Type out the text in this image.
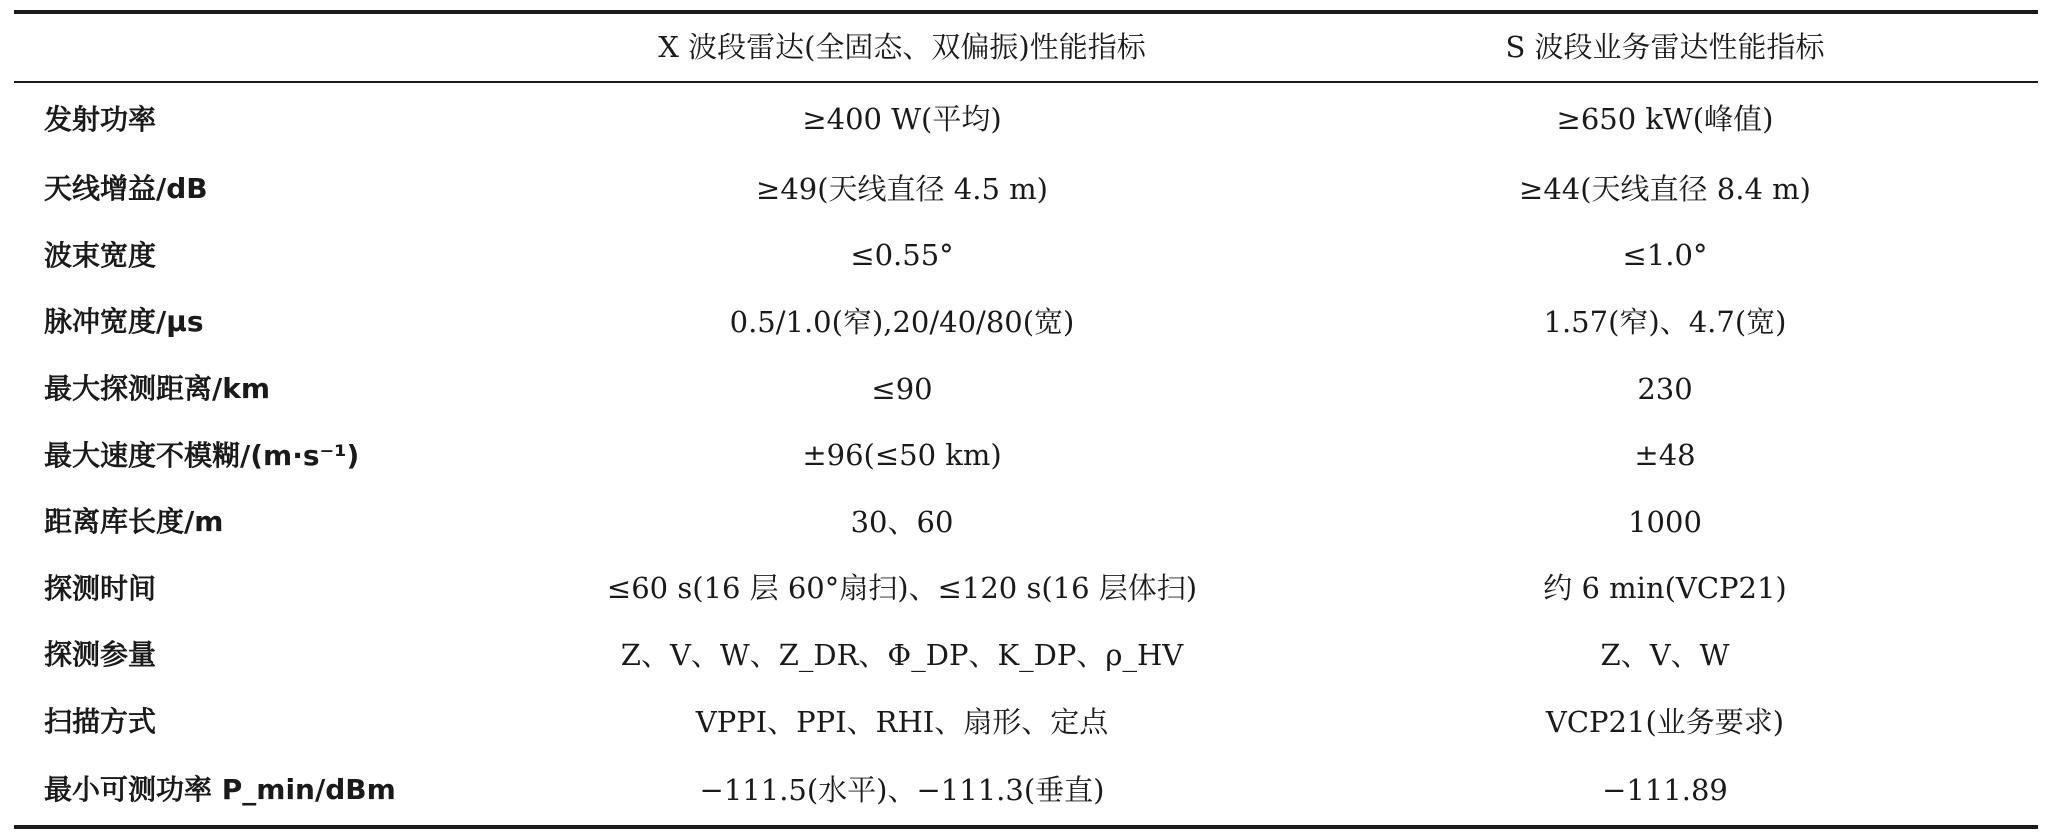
	X 波段雷达(全固态、双偏振)性能指标	S 波段业务雷达性能指标
发射功率	≥400 W(平均)	≥650 kW(峰值)
天线增益/dB	≥49(天线直径 4.5 m)	≥44(天线直径 8.4 m)
波束宽度	≤0.55°	≤1.0°
脉冲宽度/μs	0.5/1.0(窄),20/40/80(宽)	1.57(窄)、4.7(宽)
最大探测距离/km	≤90	230
最大速度不模糊/(m·s⁻¹)	±96(≤50 km)	±48
距离库长度/m	30、60	1000
探测时间	≤60 s(16 层 60°扇扫)、≤120 s(16 层体扫)	约 6 min(VCP21)
探测参量	Z、V、W、Z_DR、Φ_DP、K_DP、ρ_HV	Z、V、W
扫描方式	VPPI、PPI、RHI、扇形、定点	VCP21(业务要求)
最小可测功率 P_min/dBm	−111.5(水平)、−111.3(垂直)	−111.89
